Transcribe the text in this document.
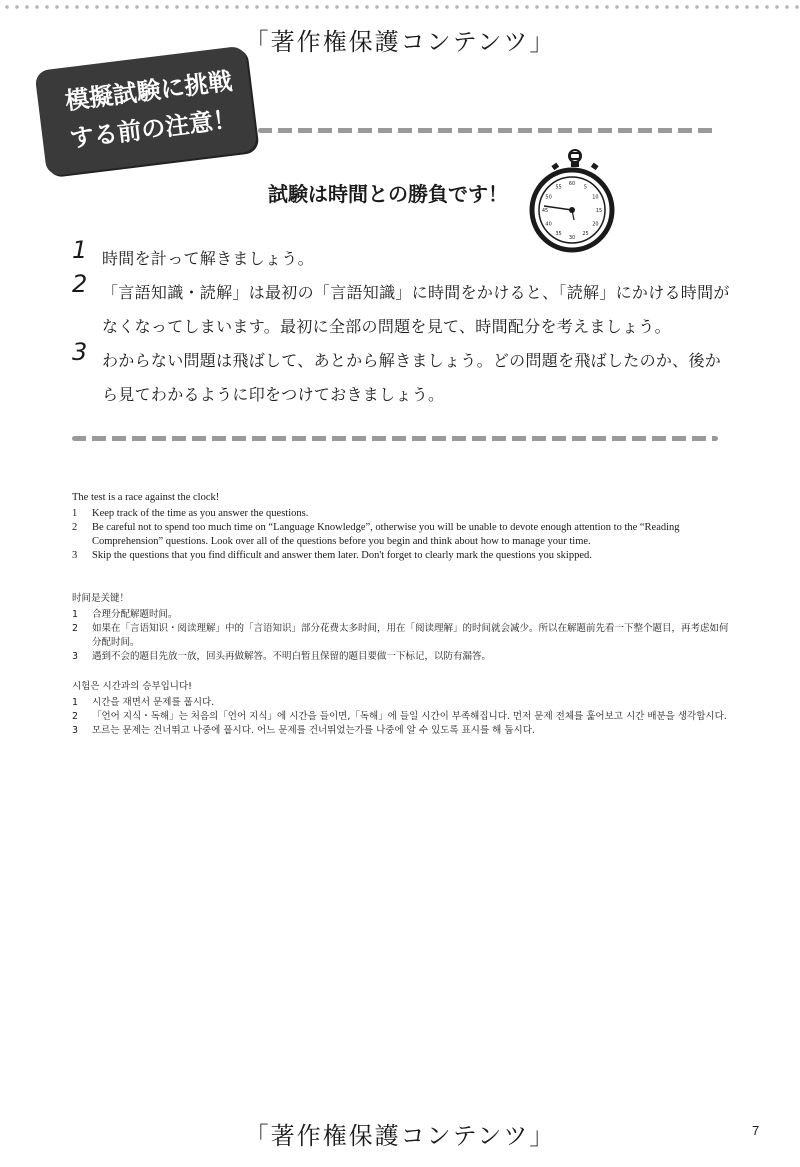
「著作権保護コンテンツ」
模擬試験に挑戦
する前の注意！
試験は時間との勝負です！	5
10
15
20
25
30
35
40
45
50
55
60
1 時間を計って解きましょう。
2 「言語知識・読解」は最初の「言語知識」に時間をかけると、「読解」にかける時間が
なくなってしまいます。最初に全部の問題を見て、時間配分を考えましょう。
3 わからない問題は飛ばして、あとから解きましょう。どの問題を飛ばしたのか、後か
ら見てわかるように印をつけておきましょう。
The test is a race against the clock!
1	Keep track of the time as you answer the questions.
2	Be careful not to spend too much time on “Language Knowledge”, otherwise you will be unable to devote enough attention to the “Reading Comprehension” questions. Look over all of the questions before you begin and think about how to manage your time.
3	Skip the questions that you find difficult and answer them later. Don't forget to clearly mark the questions you skipped.
时间是关键！
1	合理分配解题时间。
2	如果在「言语知识・阅读理解」中的「言语知识」部分花费太多时间，用在「阅读理解」的时间就会减少。所以在解题前先看一下整个题目，再考虑如何分配时间。
3	遇到不会的题目先放一放，回头再做解答。不明白暂且保留的题目要做一下标记，以防有漏答。
시험은 시간과의 승부입니다!
1	시간을 재면서 문제를 풉시다.
2	「언어 지식・독해」는 처음의「언어 지식」에 시간을 들이면,「독해」에 들일 시간이 부족해집니다. 먼저 문제 전체를 훑어보고 시간 배분을 생각합시다.
3	모르는 문제는 건너뛰고 나중에 풉시다. 어느 문제를 건너뛰었는가를 나중에 알 수 있도록 표시를 해 둡시다.
「著作権保護コンテンツ」	7
